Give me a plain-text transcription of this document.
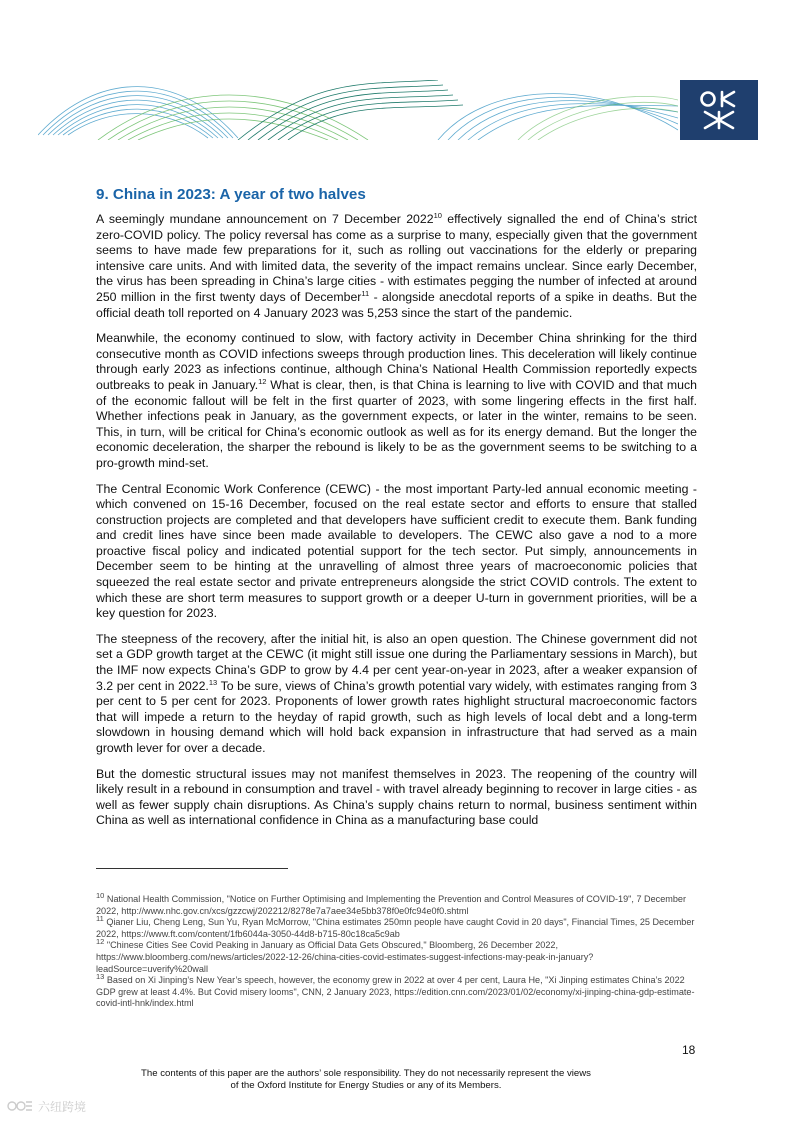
9. China in 2023: A year of two halves

A seemingly mundane announcement on 7 December 2022$^{10}$ effectively signalled the end of China’s strict zero-COVID policy. The policy reversal has come as a surprise to many, especially given that the government seems to have made few preparations for it, such as rolling out vaccinations for the elderly or preparing intensive care units. And with limited data, the severity of the impact remains unclear. Since early December, the virus has been spreading in China’s large cities - with estimates pegging the number of infected at around 250 million in the first twenty days of December$^{11}$ - alongside anecdotal reports of a spike in deaths. But the official death toll reported on 4 January 2023 was 5,253 since the start of the pandemic.

Meanwhile, the economy continued to slow, with factory activity in December China shrinking for the third consecutive month as COVID infections sweeps through production lines. This deceleration will likely continue through early 2023 as infections continue, although China’s National Health Commission reportedly expects outbreaks to peak in January.$^{12}$ What is clear, then, is that China is learning to live with COVID and that much of the economic fallout will be felt in the first quarter of 2023, with some lingering effects in the first half. Whether infections peak in January, as the government expects, or later in the winter, remains to be seen. This, in turn, will be critical for China’s economic outlook as well as for its energy demand. But the longer the economic deceleration, the sharper the rebound is likely to be as the government seems to be switching to a pro-growth mind-set.

The Central Economic Work Conference (CEWC) - the most important Party-led annual economic meeting - which convened on 15-16 December, focused on the real estate sector and efforts to ensure that stalled construction projects are completed and that developers have sufficient credit to execute them. Bank funding and credit lines have since been made available to developers. The CEWC also gave a nod to a more proactive fiscal policy and indicated potential support for the tech sector. Put simply, announcements in December seem to be hinting at the unravelling of almost three years of macroeconomic policies that squeezed the real estate sector and private entrepreneurs alongside the strict COVID controls. The extent to which these are short term measures to support growth or a deeper U-turn in government priorities, will be a key question for 2023.

The steepness of the recovery, after the initial hit, is also an open question. The Chinese government did not set a GDP growth target at the CEWC (it might still issue one during the Parliamentary sessions in March), but the IMF now expects China’s GDP to grow by 4.4 per cent year-on-year in 2023, after a weaker expansion of 3.2 per cent in 2022.13 To be sure, views of China’s growth potential vary widely, with estimates ranging from 3 per cent to 5 per cent for 2023. Proponents of lower growth rates highlight structural macroeconomic factors that will impede a return to the heyday of rapid growth, such as high levels of local debt and a long-term slowdown in housing demand which will hold back expansion in infrastructure that had served as a main growth lever for over a decade.

But the domestic structural issues may not manifest themselves in 2023. The reopening of the country will likely result in a rebound in consumption and travel - with travel already beginning to recover in large cities - as well as fewer supply chain disruptions. As China’s supply chains return to normal, business sentiment within China as well as international confidence in China as a manufacturing base could

$^{10}$ National Health Commission, "Notice on Further Optimising and Implementing the Prevention and Control Measures of COVID-19", 7 December 2022, http://www.nhc.gov.cn/xcs/gzzcwj/202212/8278e7a7aee34e5bb378f0e0fc94e0f0.shtml

$^{11}$ Qianer Liu, Cheng Leng, Sun Yu, Ryan McMorrow, "China estimates 250mn people have caught Covid in 20 days", Financial Times, 25 December 2022, https://www.ft.com/content/1fb6044a-3050-44d8-b715-80c18ca5c9ab

$^{12}$ "Chinese Cities See Covid Peaking in January as Official Data Gets Obscured," Bloomberg, 26 December 2022, https://www.bloomberg.com/news/articles/2022-12-26/china-cities-covid-estimates-suggest-infections-may-peak-in-january?leadSource=uverify%20wall

$^{13}$ Based on Xi Jinping’s New Year’s speech, however, the economy grew in 2022 at over 4 per cent, Laura He, "Xi Jinping estimates China’s 2022 GDP grew at least 4.4%. But Covid misery looms", CNN, 2 January 2023, https://edition.cnn.com/2023/01/02/economy/xi-jinping-china-gdp-estimate-covid-intl-hnk/index.html

18
The contents of this paper are the authors’ sole responsibility. They do not necessarily represent the views
of the Oxford Institute for Energy Studies or any of its Members.
六纽跨境
